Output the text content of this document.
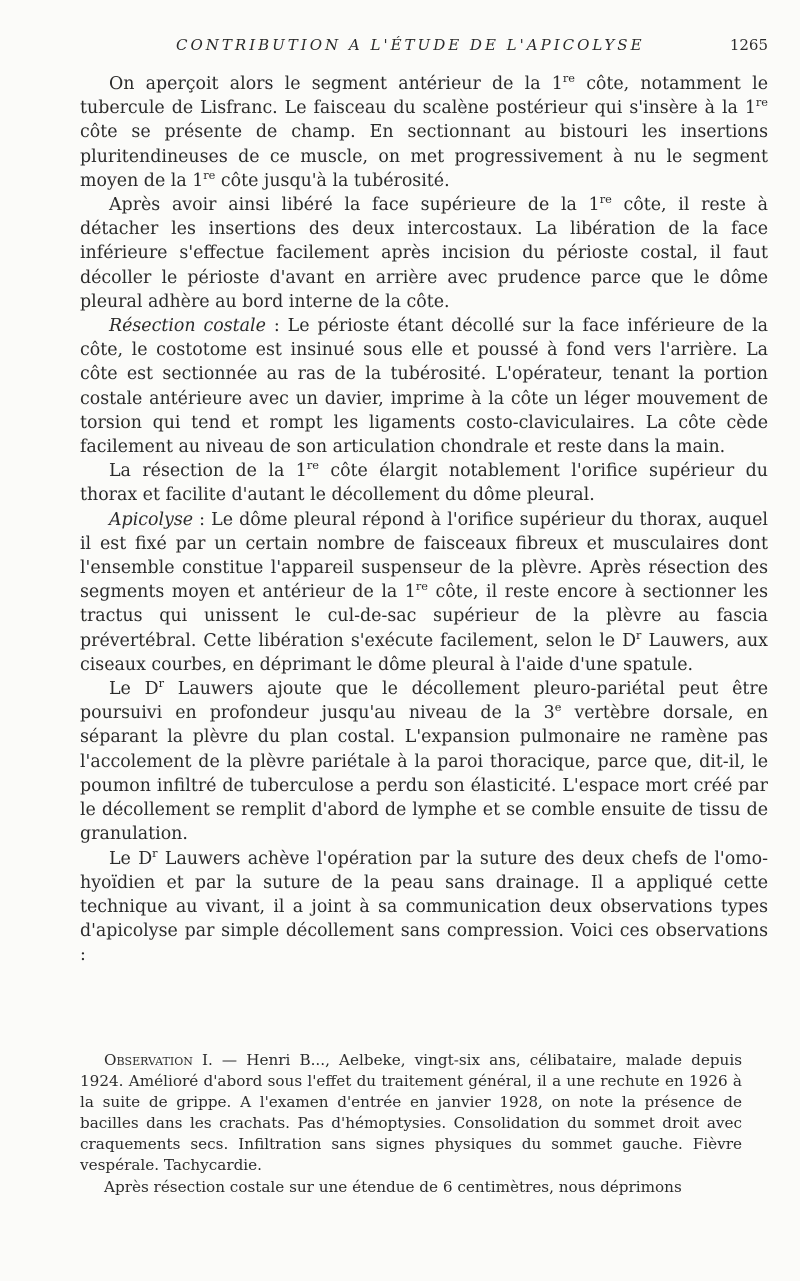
CONTRIBUTION A L'ÉTUDE DE L'APICOLYSE	1265

On aperçoit alors le segment antérieur de la 1re côte, notamment le tubercule de Lisfranc. Le faisceau du scalène postérieur qui s'insère à la 1re côte se présente de champ. En sectionnant au bistouri les insertions pluritendineuses de ce muscle, on met progressivement à nu le segment moyen de la 1re côte jusqu'à la tubérosité.

Après avoir ainsi libéré la face supérieure de la 1re côte, il reste à détacher les insertions des deux intercostaux. La libération de la face inférieure s'effectue facilement après incision du périoste costal, il faut décoller le périoste d'avant en arrière avec prudence parce que le dôme pleural adhère au bord interne de la côte.

Résection costale : Le périoste étant décollé sur la face inférieure de la côte, le costotome est insinué sous elle et poussé à fond vers l'arrière. La côte est sectionnée au ras de la tubérosité. L'opérateur, tenant la portion costale antérieure avec un davier, imprime à la côte un léger mouvement de torsion qui tend et rompt les ligaments costo-claviculaires. La côte cède facilement au niveau de son articulation chondrale et reste dans la main.

La résection de la 1re côte élargit notablement l'orifice supérieur du thorax et facilite d'autant le décollement du dôme pleural.

Apicolyse : Le dôme pleural répond à l'orifice supérieur du thorax, auquel il est fixé par un certain nombre de faisceaux fibreux et musculaires dont l'ensemble constitue l'appareil suspenseur de la plèvre. Après résection des segments moyen et antérieur de la 1re côte, il reste encore à sectionner les tractus qui unissent le cul-de-sac supérieur de la plèvre au fascia prévertébral. Cette libération s'exécute facilement, selon le $D^r$ Lauwers, aux ciseaux courbes, en déprimant le dôme pleural à l'aide d'une spatule.

Le $D^r$ Lauwers ajoute que le décollement pleuro-pariétal peut être poursuivi en profondeur jusqu'au niveau de la 3e vertèbre dorsale, en séparant la plèvre du plan costal. L'expansion pulmonaire ne ramène pas l'accolement de la plèvre pariétale à la paroi thoracique, parce que, dit-il, le poumon infiltré de tuberculose a perdu son élasticité. L'espace mort créé par le décollement se remplit d'abord de lymphe et se comble ensuite de tissu de granulation.

Le $D^r$ Lauwers achève l'opération par la suture des deux chefs de l'omo-hyoïdien et par la suture de la peau sans drainage. Il a appliqué cette technique au vivant, il a joint à sa communication deux observations types d'apicolyse par simple décollement sans compression. Voici ces observations :

Observation I. — Henri B..., Aelbeke, vingt-six ans, célibataire, malade depuis 1924. Amélioré d'abord sous l'effet du traitement général, il a une rechute en 1926 à la suite de grippe. A l'examen d'entrée en janvier 1928, on note la présence de bacilles dans les crachats. Pas d'hémoptysies. Consolidation du sommet droit avec craquements secs. Infiltration sans signes physiques du sommet gauche. Fièvre vespérale. Tachycardie.

Après résection costale sur une étendue de 6 centimètres, nous déprimons
